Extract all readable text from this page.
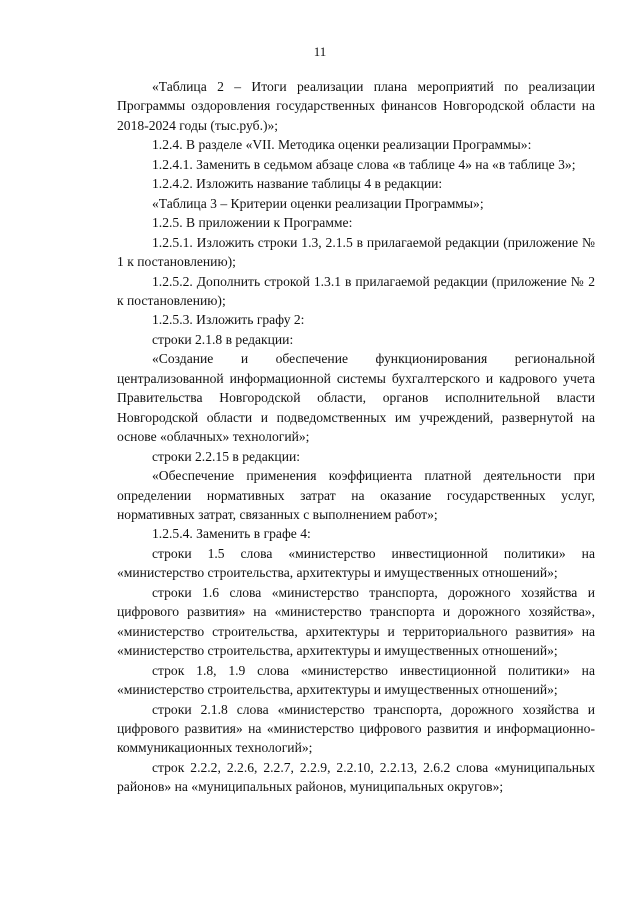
11

«Таблица 2 – Итоги реализации плана мероприятий по реализации Программы оздоровления государственных финансов Новгородской области на 2018-2024 годы (тыс.руб.)»;

1.2.4. В разделе «VII. Методика оценки реализации Программы»:

1.2.4.1. Заменить в седьмом абзаце слова «в таблице 4» на «в таблице 3»;

1.2.4.2. Изложить название таблицы 4 в редакции:

«Таблица 3 – Критерии оценки реализации Программы»;

1.2.5. В приложении к Программе:

1.2.5.1. Изложить строки 1.3, 2.1.5 в прилагаемой редакции (приложение № 1 к постановлению);

1.2.5.2. Дополнить строкой 1.3.1 в прилагаемой редакции (приложение № 2 к постановлению);

1.2.5.3. Изложить графу 2:

строки 2.1.8 в редакции:

«Создание и обеспечение функционирования региональной централизованной информационной системы бухгалтерского и кадрового учета Правительства Новгородской области, органов исполнительной власти Новгородской области и подведомственных им учреждений, развернутой на основе «облачных» технологий»;

строки 2.2.15 в редакции:

«Обеспечение применения коэффициента платной деятельности при определении нормативных затрат на оказание государственных услуг, нормативных затрат, связанных с выполнением работ»;

1.2.5.4. Заменить в графе 4:

строки 1.5 слова «министерство инвестиционной политики» на «министерство строительства, архитектуры и имущественных отношений»;

строки 1.6 слова «министерство транспорта, дорожного хозяйства и цифрового развития» на «министерство транспорта и дорожного хозяйства», «министерство строительства, архитектуры и территориального развития» на «министерство строительства, архитектуры и имущественных отношений»;

строк 1.8, 1.9 слова «министерство инвестиционной политики» на «министерство строительства, архитектуры и имущественных отношений»;

строки 2.1.8 слова «министерство транспорта, дорожного хозяйства и цифрового развития» на «министерство цифрового развития и информационно-коммуникационных технологий»;

строк 2.2.2, 2.2.6, 2.2.7, 2.2.9, 2.2.10, 2.2.13, 2.6.2 слова «муниципальных районов» на «муниципальных районов, муниципальных округов»;
